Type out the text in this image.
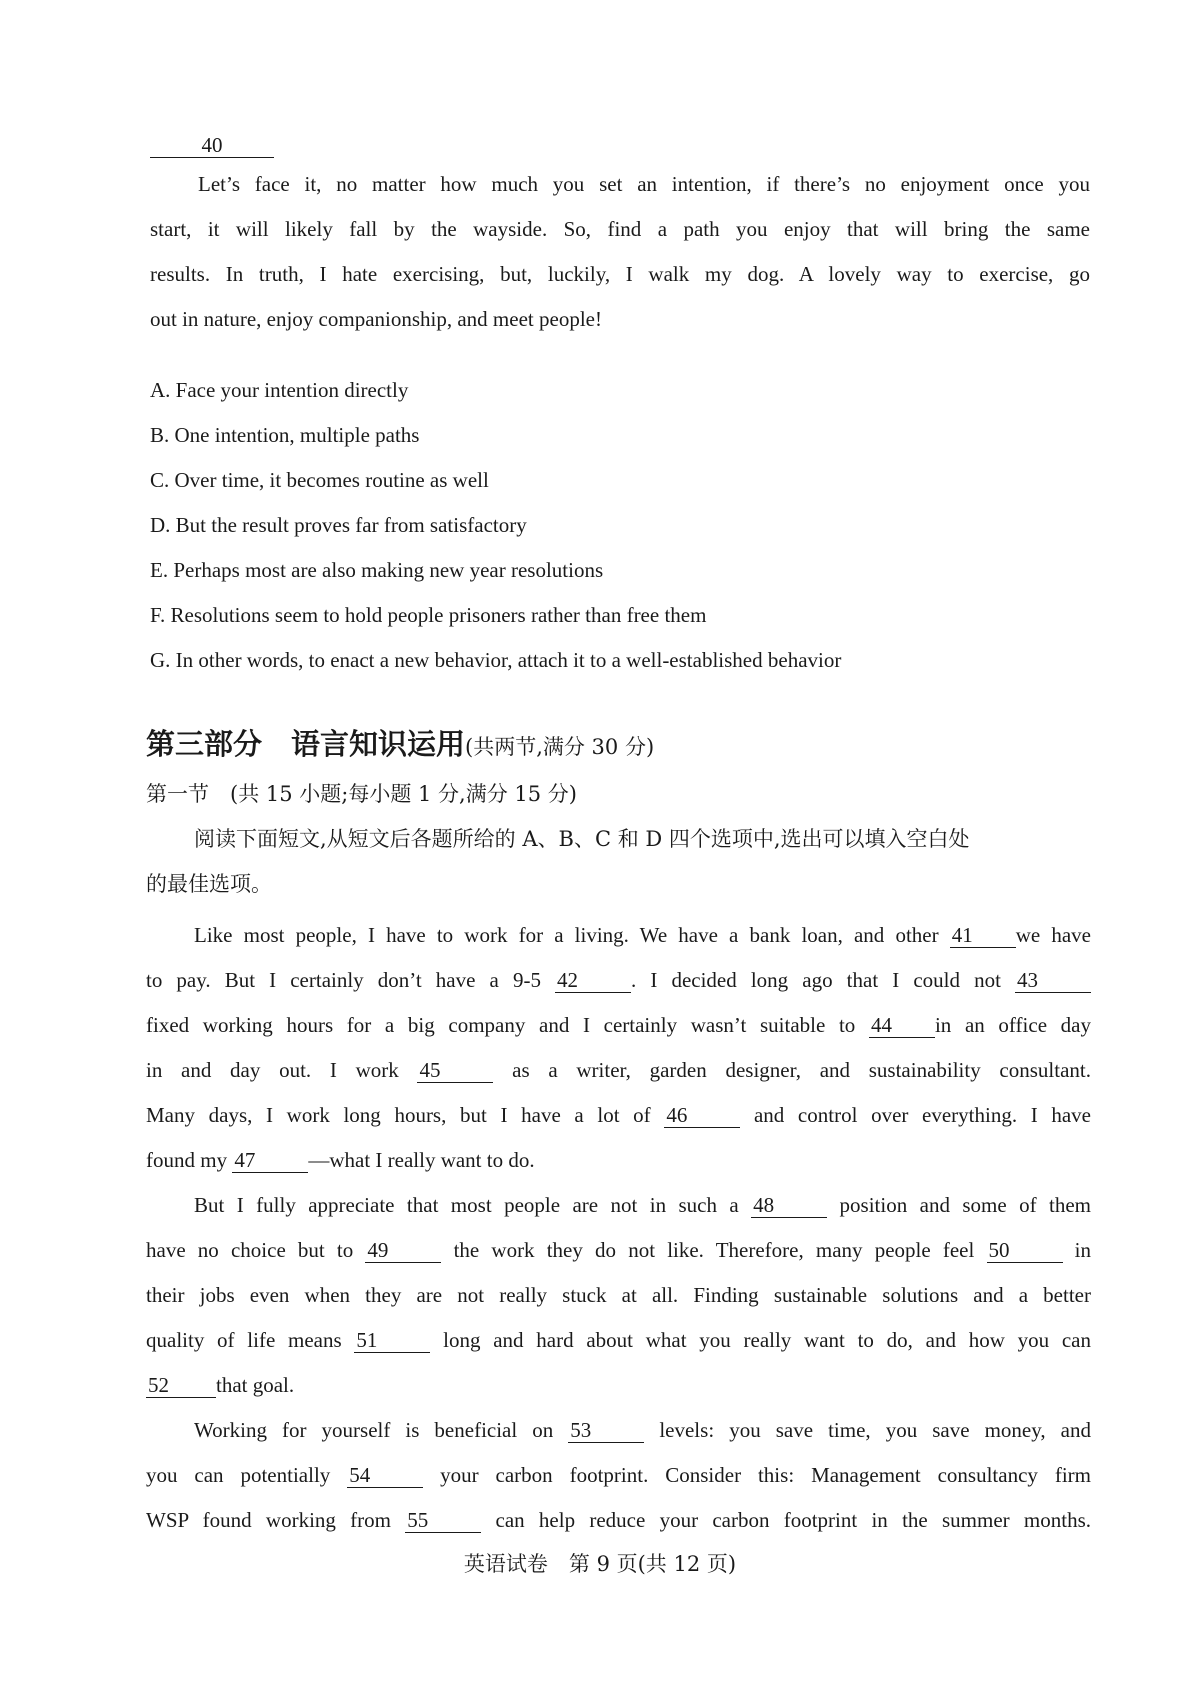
40
Let’s face it, no matter how much you set an intention, if there’s no enjoyment once you
start, it will likely fall by the wayside. So, find a path you enjoy that will bring the same
results. In truth, I hate exercising, but, luckily, I walk my dog. A lovely way to exercise, go
out in nature, enjoy companionship, and meet people!
A. Face your intention directly
B. One intention, multiple paths
C. Over time, it becomes routine as well
D. But the result proves far from satisfactory
E. Perhaps most are also making new year resolutions
F. Resolutions seem to hold people prisoners rather than free them
G. In other words, to enact a new behavior, attach it to a well-established behavior
第三部分　语言知识运用(共两节,满分 30 分)
第一节　(共 15 小题;每小题 1 分,满分 15 分)
阅读下面短文,从短文后各题所给的 A、B、C 和 D 四个选项中,选出可以填入空白处
的最佳选项。
Like most people, I have to work for a living. We have a bank loan, and other 41 we have
to pay. But I certainly don’t have a 9-5 42	. I decided long ago that I could not 43
fixed working hours for a big company and I certainly wasn’t suitable to 44 in an office day
in and day out. I work 45	as a writer, garden designer, and sustainability consultant.
Many days, I work long hours, but I have a lot of 46	and control over everything. I have
found my 47	—what I really want to do.
But I fully appreciate that most people are not in such a 48	position and some of them
have no choice but to 49	the work they do not like. Therefore, many people feel 50	in
their jobs even when they are not really stuck at all. Finding sustainable solutions and a better
quality of life means 51	long and hard about what you really want to do, and how you can
52 that goal.
Working for yourself is beneficial on 53	levels: you save time, you save money, and
you can potentially 54	your carbon footprint. Consider this: Management consultancy firm
WSP found working from 55	can help reduce your carbon footprint in the summer months.
英语试卷　第 9 页(共 12 页)
